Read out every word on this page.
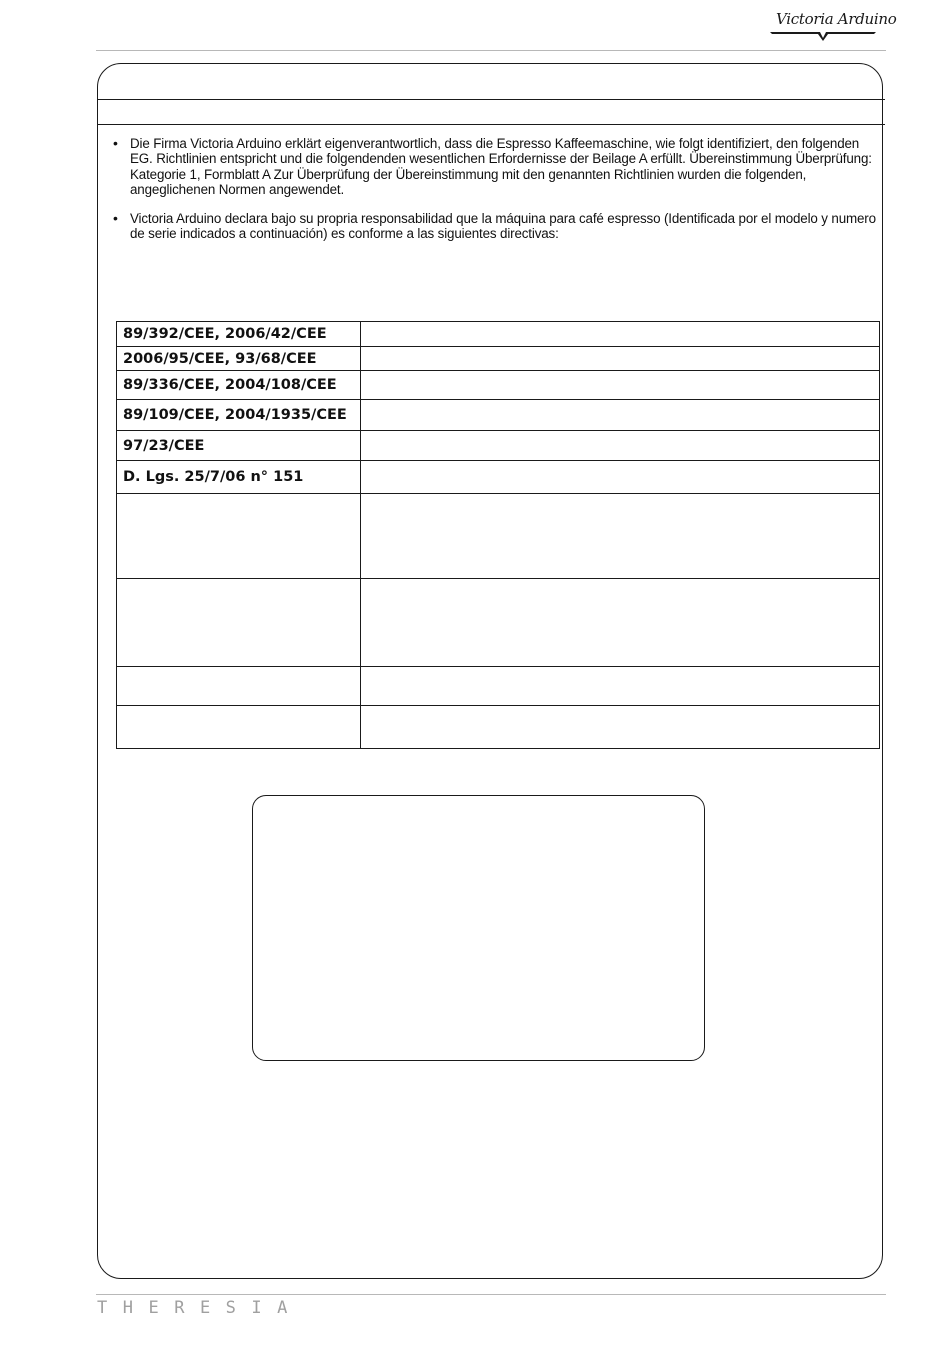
Victoria Arduino
• Die Firma Victoria Arduino erklärt eigenverantwortlich, dass die Espresso Kaffeemaschine, wie folgt identifiziert, den folgenden EG. Richtlinien entspricht und die folgendenden wesentlichen Erfordernisse der Beilage A erfüllt. Übereinstimmung Überprüfung: Kategorie 1, Formblatt A Zur Überprüfung der Übereinstimmung mit den genannten Richtlinien wurden die folgenden, angeglichenen Normen angewendet.
• Victoria Arduino declara bajo su propria responsabilidad que la máquina para café espresso (Identificada por el modelo y numero de serie indicados a continuación) es conforme a las siguientes directivas:
89/392/CEE, 2006/42/CEE	
2006/95/CEE, 93/68/CEE	
89/336/CEE, 2004/108/CEE	
89/109/CEE, 2004/1935/CEE	
97/23/CEE	
D. Lgs. 25/7/06 n° 151	

THERESIA
